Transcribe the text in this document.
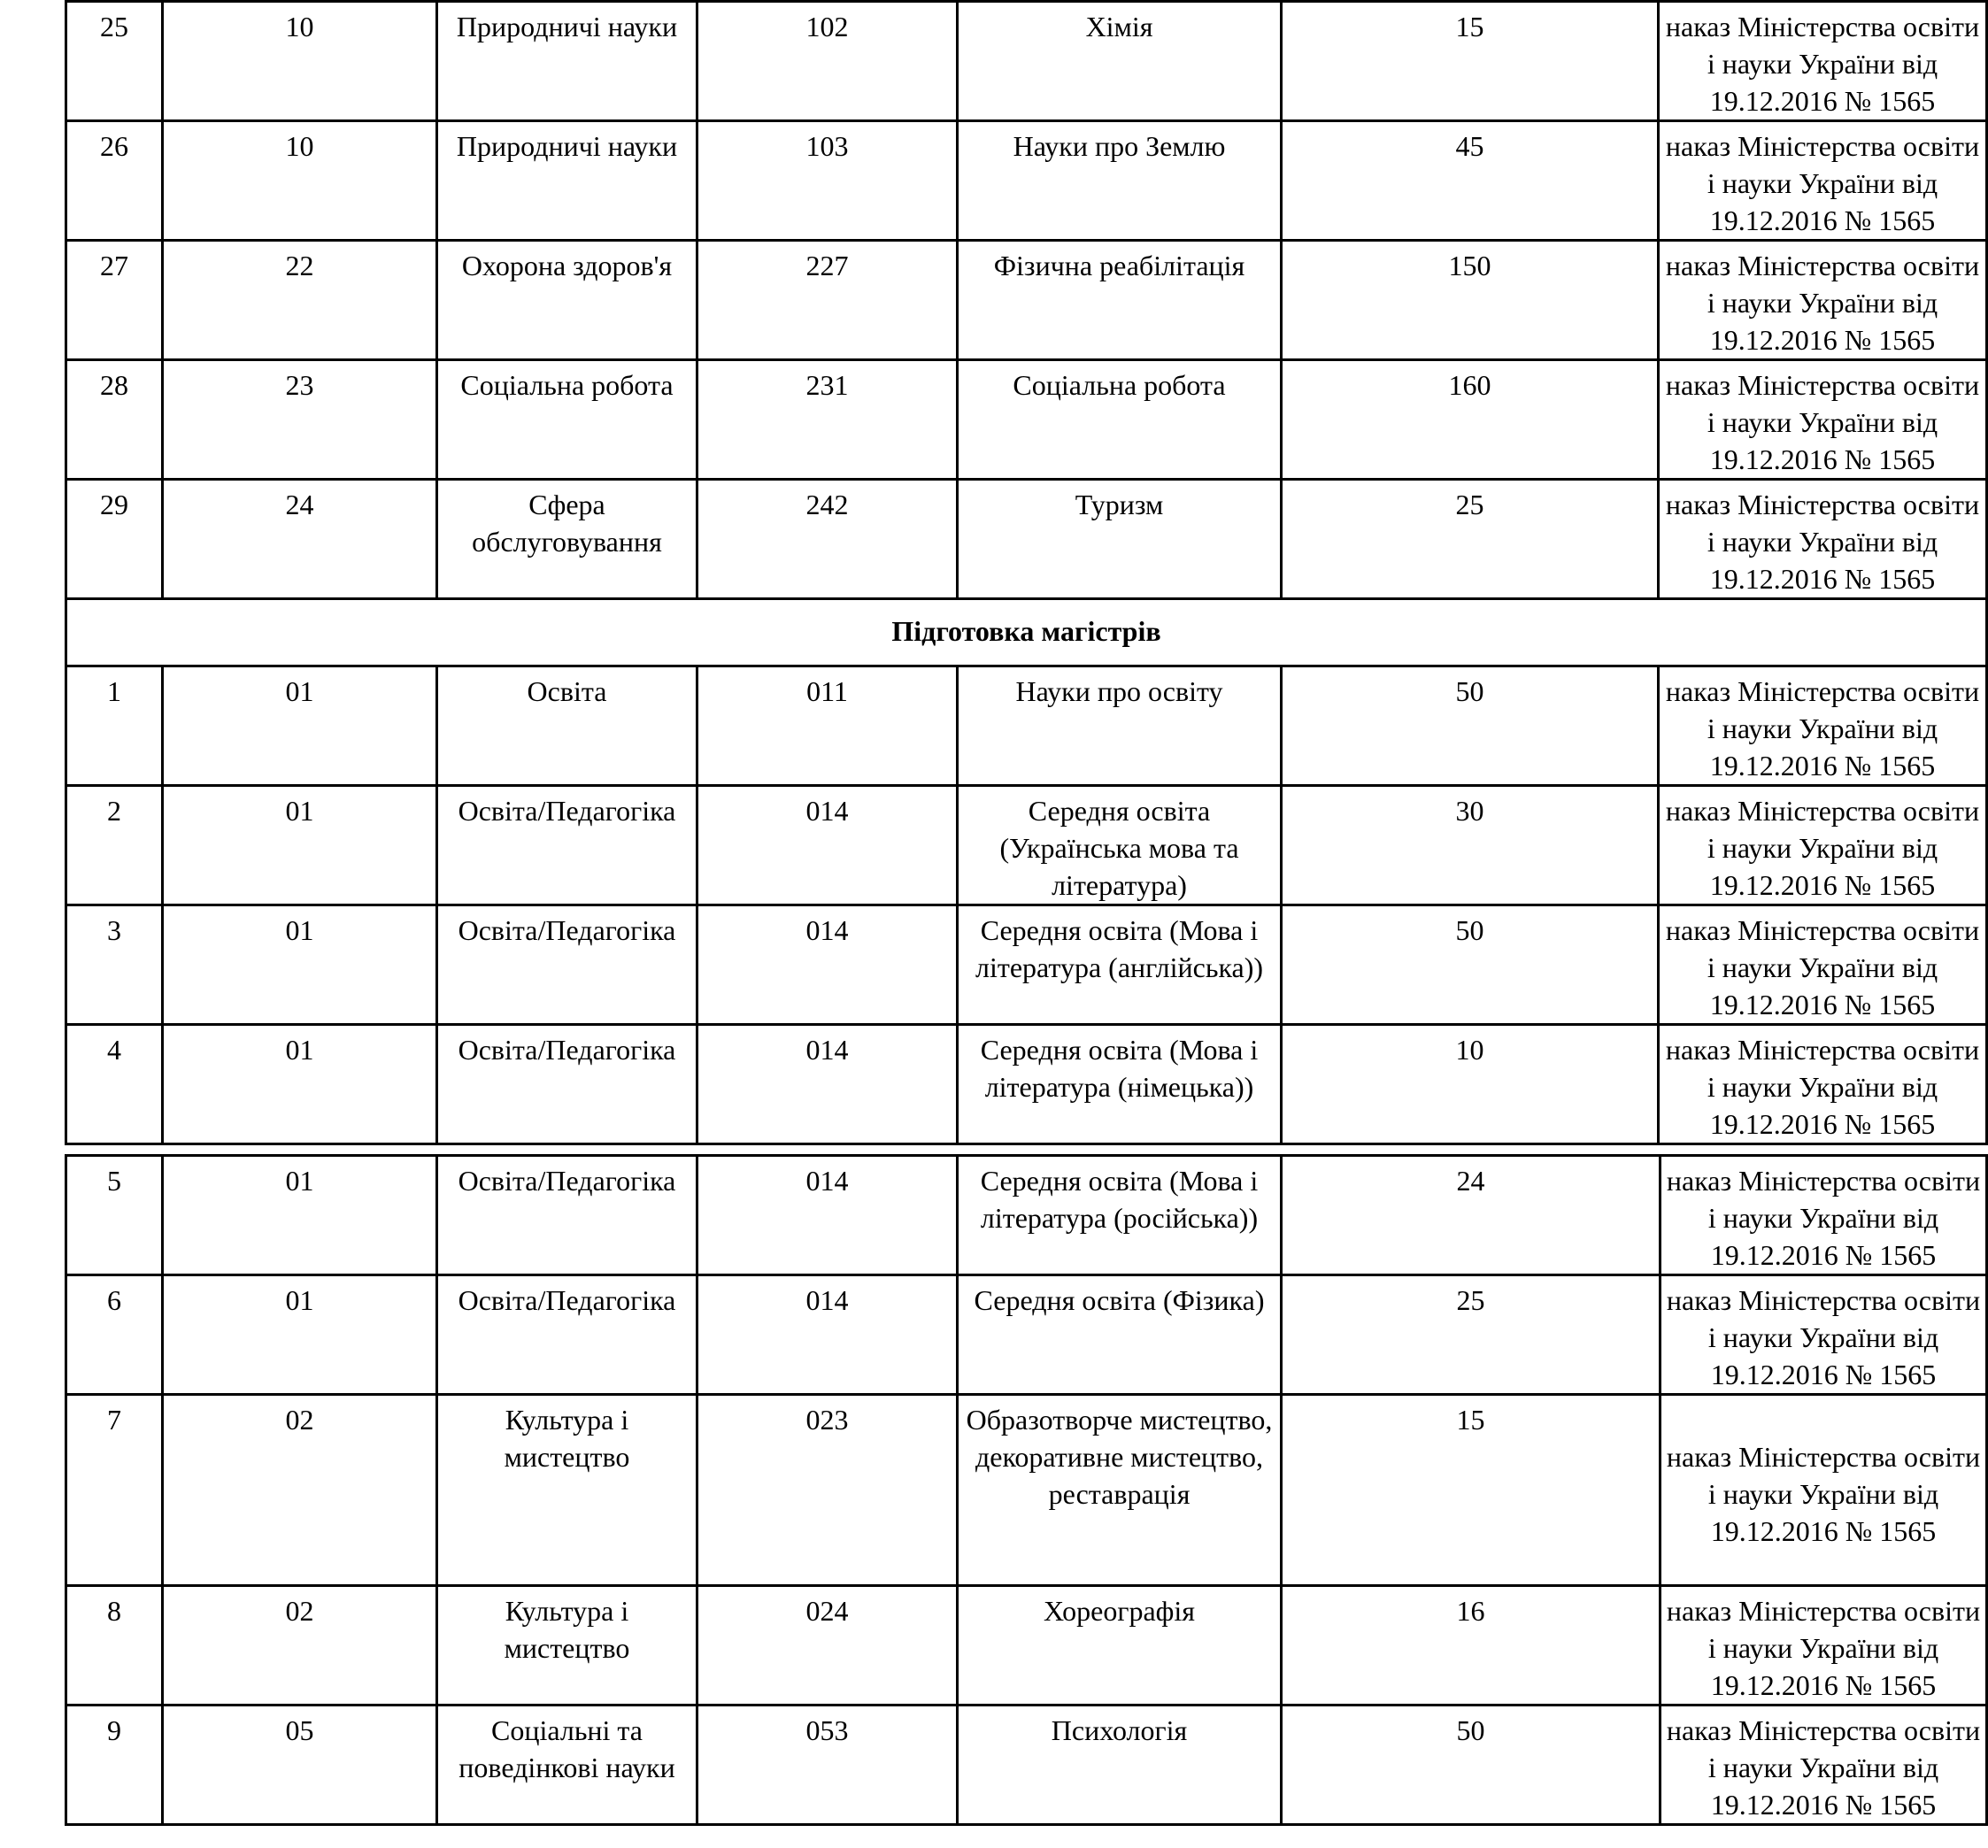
25	10	Природничі науки	102	Хімія	15	наказ Міністерства освіти і науки України від 19.12.2016 № 1565
26	10	Природничі науки	103	Науки про Землю	45	наказ Міністерства освіти і науки України від 19.12.2016 № 1565
27	22	Охорона здоров'я	227	Фізична реабілітація	150	наказ Міністерства освіти і науки України від 19.12.2016 № 1565
28	23	Соціальна робота	231	Соціальна робота	160	наказ Міністерства освіти і науки України від 19.12.2016 № 1565
29	24	Сфера обслуговування	242	Туризм	25	наказ Міністерства освіти і науки України від 19.12.2016 № 1565
Підготовка магістрів						
1	01	Освіта	011	Науки про освіту	50	наказ Міністерства освіти і науки України від 19.12.2016 № 1565
2	01	Освіта/Педагогіка	014	Середня освіта (Українська мова та література)	30	наказ Міністерства освіти і науки України від 19.12.2016 № 1565
3	01	Освіта/Педагогіка	014	Середня освіта (Мова і література (англійська))	50	наказ Міністерства освіти і науки України від 19.12.2016 № 1565
4	01	Освіта/Педагогіка	014	Середня освіта (Мова і література (німецька))	10	наказ Міністерства освіти і науки України від 19.12.2016 № 1565
5	01	Освіта/Педагогіка	014	Середня освіта (Мова і література (російська))	24	наказ Міністерства освіти і науки України від 19.12.2016 № 1565
6	01	Освіта/Педагогіка	014	Середня освіта (Фізика)	25	наказ Міністерства освіти і науки України від 19.12.2016 № 1565
7	02	Культура і мистецтво	023	Образотворче мистецтво, декоративне мистецтво, реставрація	15	наказ Міністерства освіти і науки України від 19.12.2016 № 1565
8	02	Культура і мистецтво	024	Хореографія	16	наказ Міністерства освіти і науки України від 19.12.2016 № 1565
9	05	Соціальні та поведінкові науки	053	Психологія	50	наказ Міністерства освіти і науки України від 19.12.2016 № 1565
